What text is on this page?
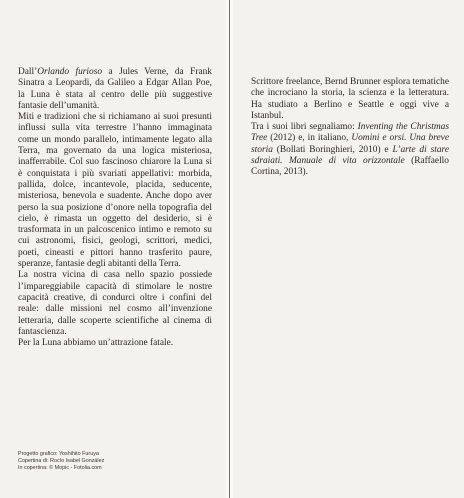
Dall’Orlando furioso a Jules Verne, da Frank Sinatra a Leopardi, da Galileo a Edgar Allan Poe, la Luna è stata al centro delle più suggestive fantasie dell’umanità.

Miti e tradizioni che si richiamano ai suoi presunti influssi sulla vita terrestre l’hanno immaginata come un mondo parallelo, intimamente legato alla Terra, ma governato da una logica misteriosa, inafferrabile. Col suo fascinoso chiarore la Luna si è conquistata i più svariati appellativi: morbida, pallida, dolce, incantevole, placida, seducente, misteriosa, benevola e suadente. Anche dopo aver perso la sua posizione d’onore nella topografia del cielo, è rimasta un oggetto del desiderio, si è trasformata in un palcoscenico intimo e remoto su cui astronomi, fisici, geologi, scrittori, medici, poeti, cineasti e pittori hanno trasferito paure, speranze, fantasie degli abitanti della Terra.

La nostra vicina di casa nello spazio possiede l’impareggiabile capacità di stimolare le nostre capacità creative, di condurci oltre i confini del reale: dalle missioni nel cosmo all’invenzione letteraria, dalle scoperte scientifiche al cinema di fantascienza.

Per la Luna abbiamo un’attrazione fatale.

Progetto grafico: Yoshihito Furuya
Copertina di: Rocío Isabel González
In copertina: © Mopic - Fotolia.com

Scrittore freelance, Bernd Brunner esplora tematiche che incrociano la storia, la scienza e la letteratura. Ha studiato a Berlino e Seattle e oggi vive a Istanbul.

Tra i suoi libri segnaliamo: Inventing the Christmas Tree (2012) e, in italiano, Uomini e orsi. Una breve storia (Bollati Boringhieri, 2010) e L’arte di stare sdraiati. Manuale di vita orizzontale (Raffaello Cortina, 2013).
